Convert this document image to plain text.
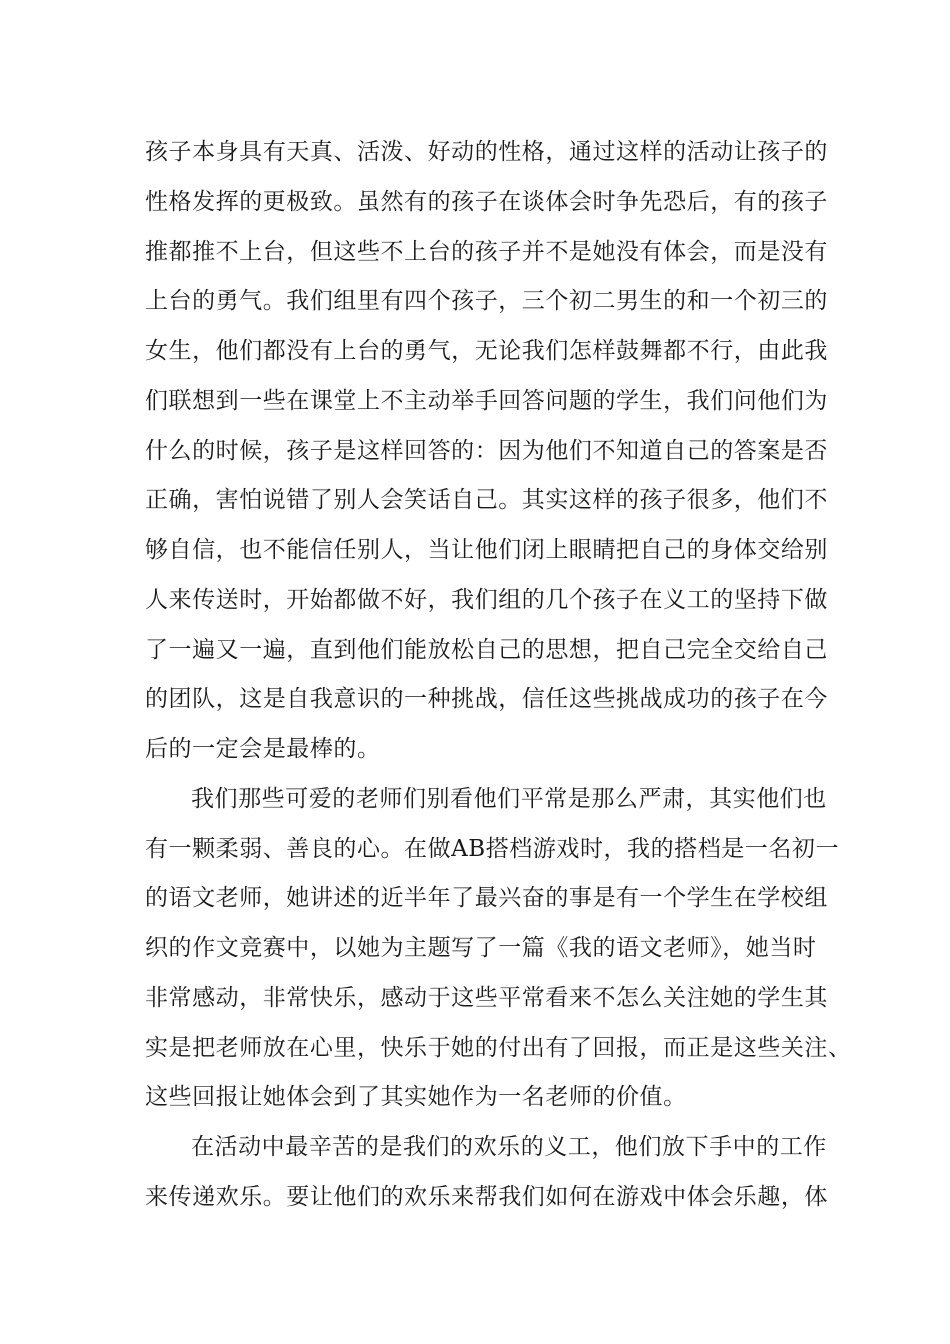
孩子本身具有天真、活泼、好动的性格，通过这样的活动让孩子的
性格发挥的更极致。虽然有的孩子在谈体会时争先恐后，有的孩子
推都推不上台，但这些不上台的孩子并不是她没有体会，而是没有
上台的勇气。我们组里有四个孩子，三个初二男生的和一个初三的
女生，他们都没有上台的勇气，无论我们怎样鼓舞都不行，由此我
们联想到一些在课堂上不主动举手回答问题的学生，我们问他们为
什么的时候，孩子是这样回答的：因为他们不知道自己的答案是否
正确，害怕说错了别人会笑话自己。其实这样的孩子很多，他们不
够自信，也不能信任别人，当让他们闭上眼睛把自己的身体交给别
人来传送时，开始都做不好，我们组的几个孩子在义工的坚持下做
了一遍又一遍，直到他们能放松自己的思想，把自己完全交给自己
的团队，这是自我意识的一种挑战，信任这些挑战成功的孩子在今
后的一定会是最棒的。
我们那些可爱的老师们别看他们平常是那么严肃，其实他们也
有一颗柔弱、善良的心。在做AB搭档游戏时，我的搭档是一名初一
的语文老师，她讲述的近半年了最兴奋的事是有一个学生在学校组
织的作文竞赛中，以她为主题写了一篇《我的语文老师》，她当时
非常感动，非常快乐，感动于这些平常看来不怎么关注她的学生其
实是把老师放在心里，快乐于她的付出有了回报，而正是这些关注、
这些回报让她体会到了其实她作为一名老师的价值。
在活动中最辛苦的是我们的欢乐的义工，他们放下手中的工作
来传递欢乐。要让他们的欢乐来帮我们如何在游戏中体会乐趣，体
